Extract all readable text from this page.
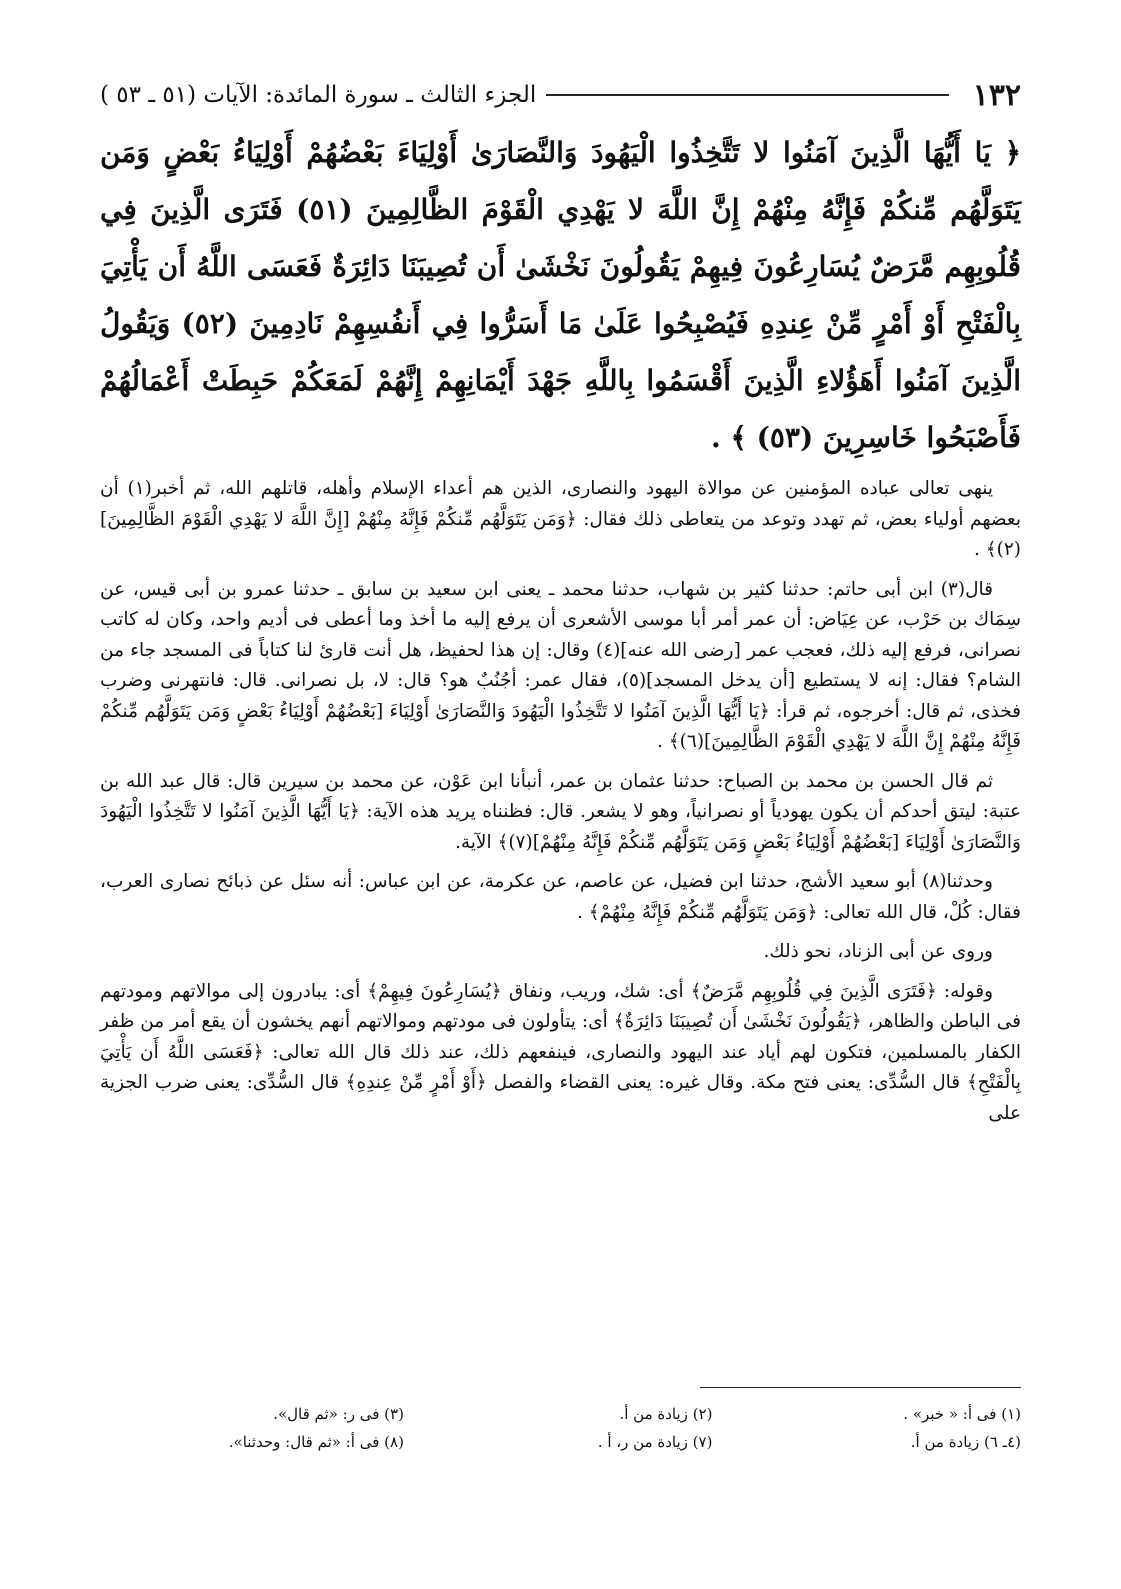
١٣٢
الجزء الثالث ـ سورة المائدة: الآيات (٥١ ـ ٥٣ )
﴿ يَا أَيُّهَا الَّذِينَ آمَنُوا لا تَتَّخِذُوا الْيَهُودَ وَالنَّصَارَىٰ أَوْلِيَاءَ بَعْضُهُمْ أَوْلِيَاءُ بَعْضٍ وَمَن يَتَوَلَّهُم مِّنكُمْ فَإِنَّهُ مِنْهُمْ إِنَّ اللَّهَ لا يَهْدِي الْقَوْمَ الظَّالِمِينَ (٥١) فَتَرَى الَّذِينَ فِي قُلُوبِهِم مَّرَضٌ يُسَارِعُونَ فِيهِمْ يَقُولُونَ نَخْشَىٰ أَن تُصِيبَنَا دَائِرَةٌ فَعَسَى اللَّهُ أَن يَأْتِيَ بِالْفَتْحِ أَوْ أَمْرٍ مِّنْ عِندِهِ فَيُصْبِحُوا عَلَىٰ مَا أَسَرُّوا فِي أَنفُسِهِمْ نَادِمِينَ (٥٢) وَيَقُولُ الَّذِينَ آمَنُوا أَهَؤُلاءِ الَّذِينَ أَقْسَمُوا بِاللَّهِ جَهْدَ أَيْمَانِهِمْ إِنَّهُمْ لَمَعَكُمْ حَبِطَتْ أَعْمَالُهُمْ فَأَصْبَحُوا خَاسِرِينَ (٥٣) ﴾ .

ينهى تعالى عباده المؤمنين عن موالاة اليهود والنصارى، الذين هم أعداء الإسلام وأهله، قاتلهم الله، ثم أخبر(١) أن بعضهم أولياء بعض، ثم تهدد وتوعد من يتعاطى ذلك فقال: ﴿وَمَن يَتَوَلَّهُم مِّنكُمْ فَإِنَّهُ مِنْهُمْ [إِنَّ اللَّهَ لا يَهْدِي الْقَوْمَ الظَّالِمِينَ](٢)﴾ .

قال(٣) ابن أبى حاتم: حدثنا كثير بن شهاب، حدثنا محمد ـ يعنى ابن سعيد بن سابق ـ حدثنا عمرو بن أبى قيس، عن سِمَاك بن حَرْب، عن عِيَاض: أن عمر أمر أبا موسى الأشعرى أن يرفع إليه ما أخذ وما أعطى فى أديم واحد، وكان له كاتب نصرانى، فرفع إليه ذلك، فعجب عمر [رضى الله عنه](٤) وقال: إن هذا لحفيظ، هل أنت قارئ لنا كتاباً فى المسجد جاء من الشام؟ فقال: إنه لا يستطيع [أن يدخل المسجد](٥)، فقال عمر: أجُنُبٌ هو؟ قال: لا، بل نصرانى. قال: فانتهرنى وضرب فخذى، ثم قال: أخرجوه، ثم قرأ: ﴿يَا أَيُّهَا الَّذِينَ آمَنُوا لا تَتَّخِذُوا الْيَهُودَ وَالنَّصَارَىٰ أَوْلِيَاءَ [بَعْضُهُمْ أَوْلِيَاءُ بَعْضٍ وَمَن يَتَوَلَّهُم مِّنكُمْ فَإِنَّهُ مِنْهُمْ إِنَّ اللَّهَ لا يَهْدِي الْقَوْمَ الظَّالِمِينَ](٦)﴾ .

ثم قال الحسن بن محمد بن الصباح: حدثنا عثمان بن عمر، أنبأنا ابن عَوْن، عن محمد بن سيرين قال: قال عبد الله بن عتبة: ليتق أحدكم أن يكون يهودياً أو نصرانياً، وهو لا يشعر. قال: فظنناه يريد هذه الآية: ﴿يَا أَيُّهَا الَّذِينَ آمَنُوا لا تَتَّخِذُوا الْيَهُودَ وَالنَّصَارَىٰ أَوْلِيَاءَ [بَعْضُهُمْ أَوْلِيَاءُ بَعْضٍ وَمَن يَتَوَلَّهُم مِّنكُمْ فَإِنَّهُ مِنْهُمْ](٧)﴾ الآية.

وحدثنا(٨) أبو سعيد الأشج، حدثنا ابن فضيل، عن عاصم، عن عكرمة، عن ابن عباس: أنه سئل عن ذبائح نصارى العرب، فقال: كُلْ، قال الله تعالى: ﴿وَمَن يَتَوَلَّهُم مِّنكُمْ فَإِنَّهُ مِنْهُمْ﴾ .

وروى عن أبى الزناد، نحو ذلك.

وقوله: ﴿فَتَرَى الَّذِينَ فِي قُلُوبِهِم مَّرَضٌ﴾ أى: شك، وريب، ونفاق ﴿يُسَارِعُونَ فِيهِمْ﴾ أى: يبادرون إلى موالاتهم ومودتهم فى الباطن والظاهر، ﴿يَقُولُونَ نَخْشَىٰ أَن تُصِيبَنَا دَائِرَةٌ﴾ أى: يتأولون فى مودتهم وموالاتهم أنهم يخشون أن يقع أمر من ظفر الكفار بالمسلمين، فتكون لهم أياد عند اليهود والنصارى، فينفعهم ذلك، عند ذلك قال الله تعالى: ﴿فَعَسَى اللَّهُ أَن يَأْتِيَ بِالْفَتْحِ﴾ قال السُّدِّى: يعنى فتح مكة. وقال غيره: يعنى القضاء والفصل ﴿أَوْ أَمْرٍ مِّنْ عِندِهِ﴾ قال السُّدِّى: يعنى ضرب الجزية على

(١) فى أ: « خبر» .
(٢) زيادة من أ.
(٣) فى ر: «ثم قال».
(٤ـ ٦) زيادة من أ.
(٧) زيادة من ر، أ .
(٨) فى أ: «ثم قال: وحدثنا».
